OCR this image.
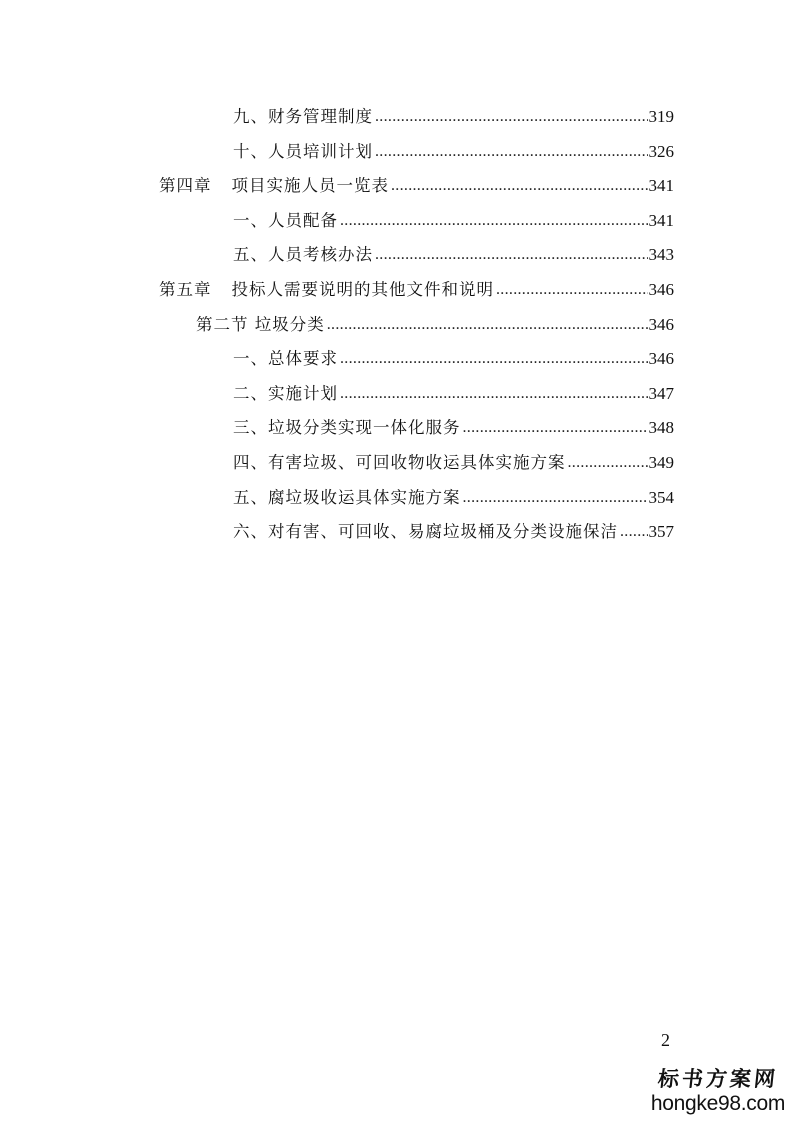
九、财务管理制度 .....	319
十、人员培训计划 .....	326
第四章 项目实施人员一览表 .....	341
一、人员配备 .....	341
五、人员考核办法 .....	343
第五章 投标人需要说明的其他文件和说明 .....	346
第二节 垃圾分类 .....	346
一、总体要求 .....	346
二、实施计划 .....	347
三、垃圾分类实现一体化服务 .....	348
四、有害垃圾、可回收物收运具体实施方案 .....	349
五、腐垃圾收运具体实施方案 .....	354
六、对有害、可回收、易腐垃圾桶及分类设施保洁 ..... 357
2
标书方案网
hongke98.com
